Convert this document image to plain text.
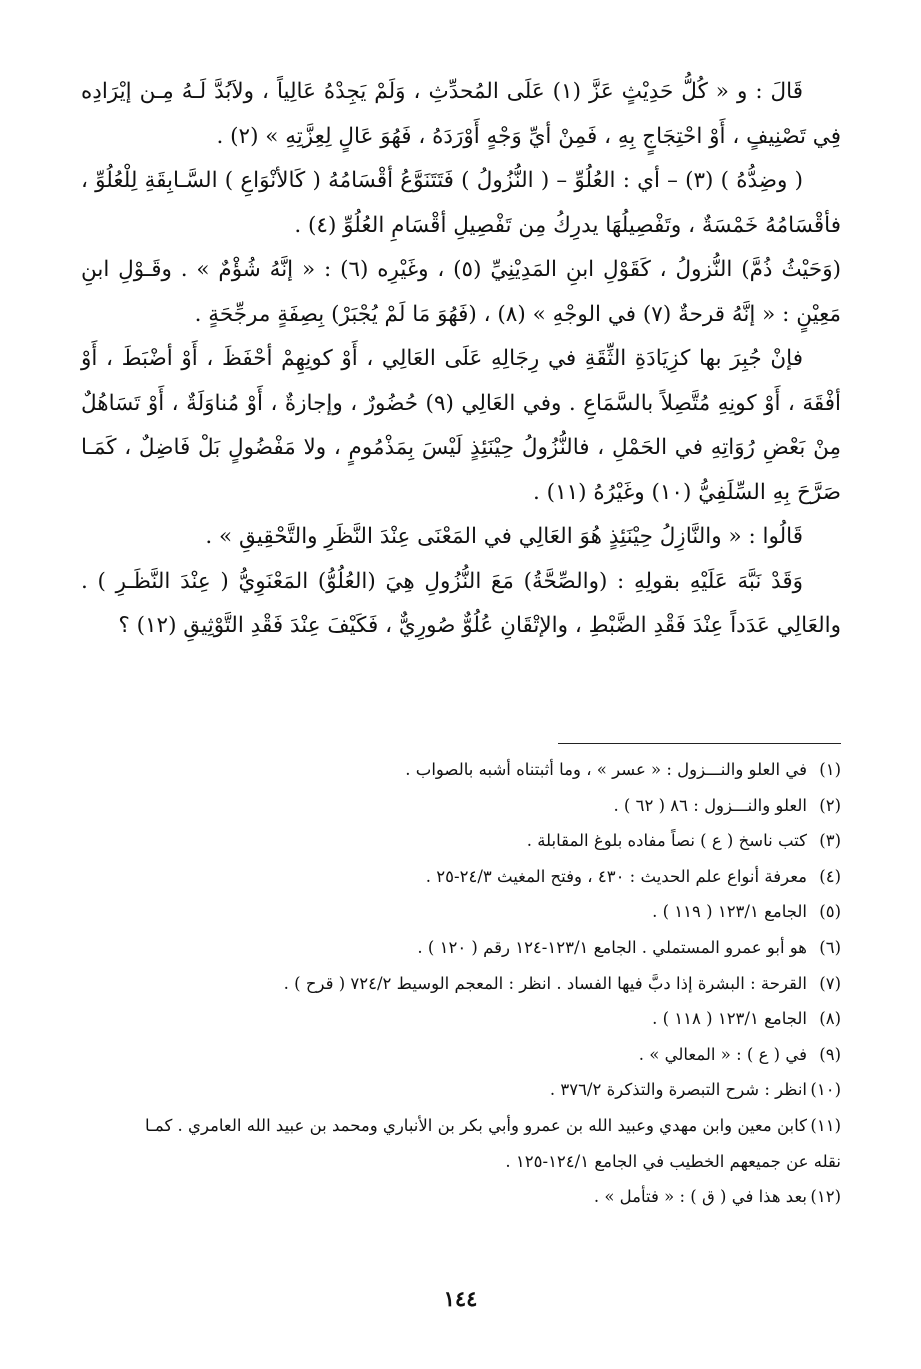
قَالَ : و « كُلُّ حَدِيْثٍ عَزَّ (١) عَلَى المُحدِّثِ ، وَلَمْ يَجِدْهُ عَالِياً ، ولاَبُدَّ لَـهُ مِـن إيْرَادِه فِي تَصْنِيفٍ ، أَوْ احْتِجَاجٍ بِهِ ، فَمِنْ أيِّ وَجْهٍ أَوْرَدَهُ ، فَهُوَ عَالٍ لِعِزَّتِهِ » (٢) .

( وضِدُّهُ ) (٣) – أي : العُلُوِّ – ( النُّزُولُ ) فَتَتَنَوَّعُ أقْسَامُهُ ( كَالأنْوَاعِ ) السَّـابِقَةِ لِلْعُلُوِّ ، فأقْسَامُهُ خَمْسَةٌ ، وتَفْصِيلُهَا يدرِكُ مِن تَفْصِيلِ أقْسَامِ العُلُوِّ (٤) .

(وَحَيْثُ ذُمَّ) النُّزولُ ، كَقَوْلِ ابنِ المَدِيْنِيِّ (٥) ، وغَيْرِه (٦) : « إنَّهُ شُؤْمٌ » . وقَـوْلِ ابنِ مَعِيْنٍ : « إنَّهُ قرحةٌ (٧) في الوجْهِ » (٨) ، (فَهُوَ مَا لَمْ يُجْبَرْ) بِصِفَةٍ مرجِّحَةٍ .

فإنْ جُبِرَ بها كزِيَادَةِ الثِّقَةِ في رِجَالِهِ عَلَى العَالِي ، أَوْ كونِهِمْ أحْفَظَ ، أَوْ أضْبَطَ ، أَوْ أفْقَهَ ، أَوْ كونِهِ مُتَّصِلاً بالسَّمَاعِ . وفي العَالِي (٩) حُضُورٌ ، وإجازةٌ ، أَوْ مُناوَلَةٌ ، أَوْ تَسَاهُلٌ مِنْ بَعْضِ رُوَاتِهِ في الحَمْلِ ، فالنُّزُولُ حِيْنَئِذٍ لَيْسَ بِمَذْمُومٍ ، ولا مَفْضُولٍ بَلْ فَاضِلٌ ، كَمَـا صَرَّحَ بِهِ السِّلَفِيُّ (١٠) وغَيْرُهُ (١١) .

قَالُوا : « والنَّازِلُ حِيْنَئِذٍ هُوَ العَالِي في المَعْنَى عِنْدَ النَّظَرِ والتَّحْقِيقِ » .

وَقَدْ نَبَّهَ عَلَيْهِ بقولِهِ : (والصِّحَّةُ) مَعَ النُّزُولِ هِيَ (العُلُوُّ) المَعْنَوِيُّ ( عِنْدَ النَّظَـرِ ) . والعَالِي عَدَداً عِنْدَ فَقْدِ الضَّبْطِ ، والإتْقَانِ عُلُوٌّ صُورِيٌّ ، فَكَيْفَ عِنْدَ فَقْدِ التَّوْثِيقِ (١٢) ؟

(١)في العلو والنـــزول : « عسر » ، وما أثبتناه أشبه بالصواب .

(٢)العلو والنـــزول : ٨٦ ( ٦٢ ) .

(٣)كتب ناسخ ( ع ) نصاً مفاده بلوغ المقابلة .

(٤)معرفة أنواع علم الحديث : ٤٣٠ ، وفتح المغيث ٢٤/٣-٢٥ .

(٥)الجامع ١٢٣/١ ( ١١٩ ) .

(٦)هو أبو عمرو المستملي . الجامع ١٢٣/١-١٢٤ رقم ( ١٢٠ ) .

(٧)القرحة : البشرة إذا دبَّ فيها الفساد . انظر : المعجم الوسيط ٧٢٤/٢ ( قرح ) .

(٨)الجامع ١٢٣/١ ( ١١٨ ) .

(٩)في ( ع ) : « المعالي » .

(١٠)انظر : شرح التبصرة والتذكرة ٣٧٦/٢ .

(١١)كابن معين وابن مهدي وعبيد الله بن عمرو وأبي بكر بن الأنباري ومحمد بن عبيد الله العامري . كمـا

نقله عن جميعهم الخطيب في الجامع ١٢٤/١-١٢٥ .

(١٢)بعد هذا في ( ق ) : « فتأمل » .

١٤٤
